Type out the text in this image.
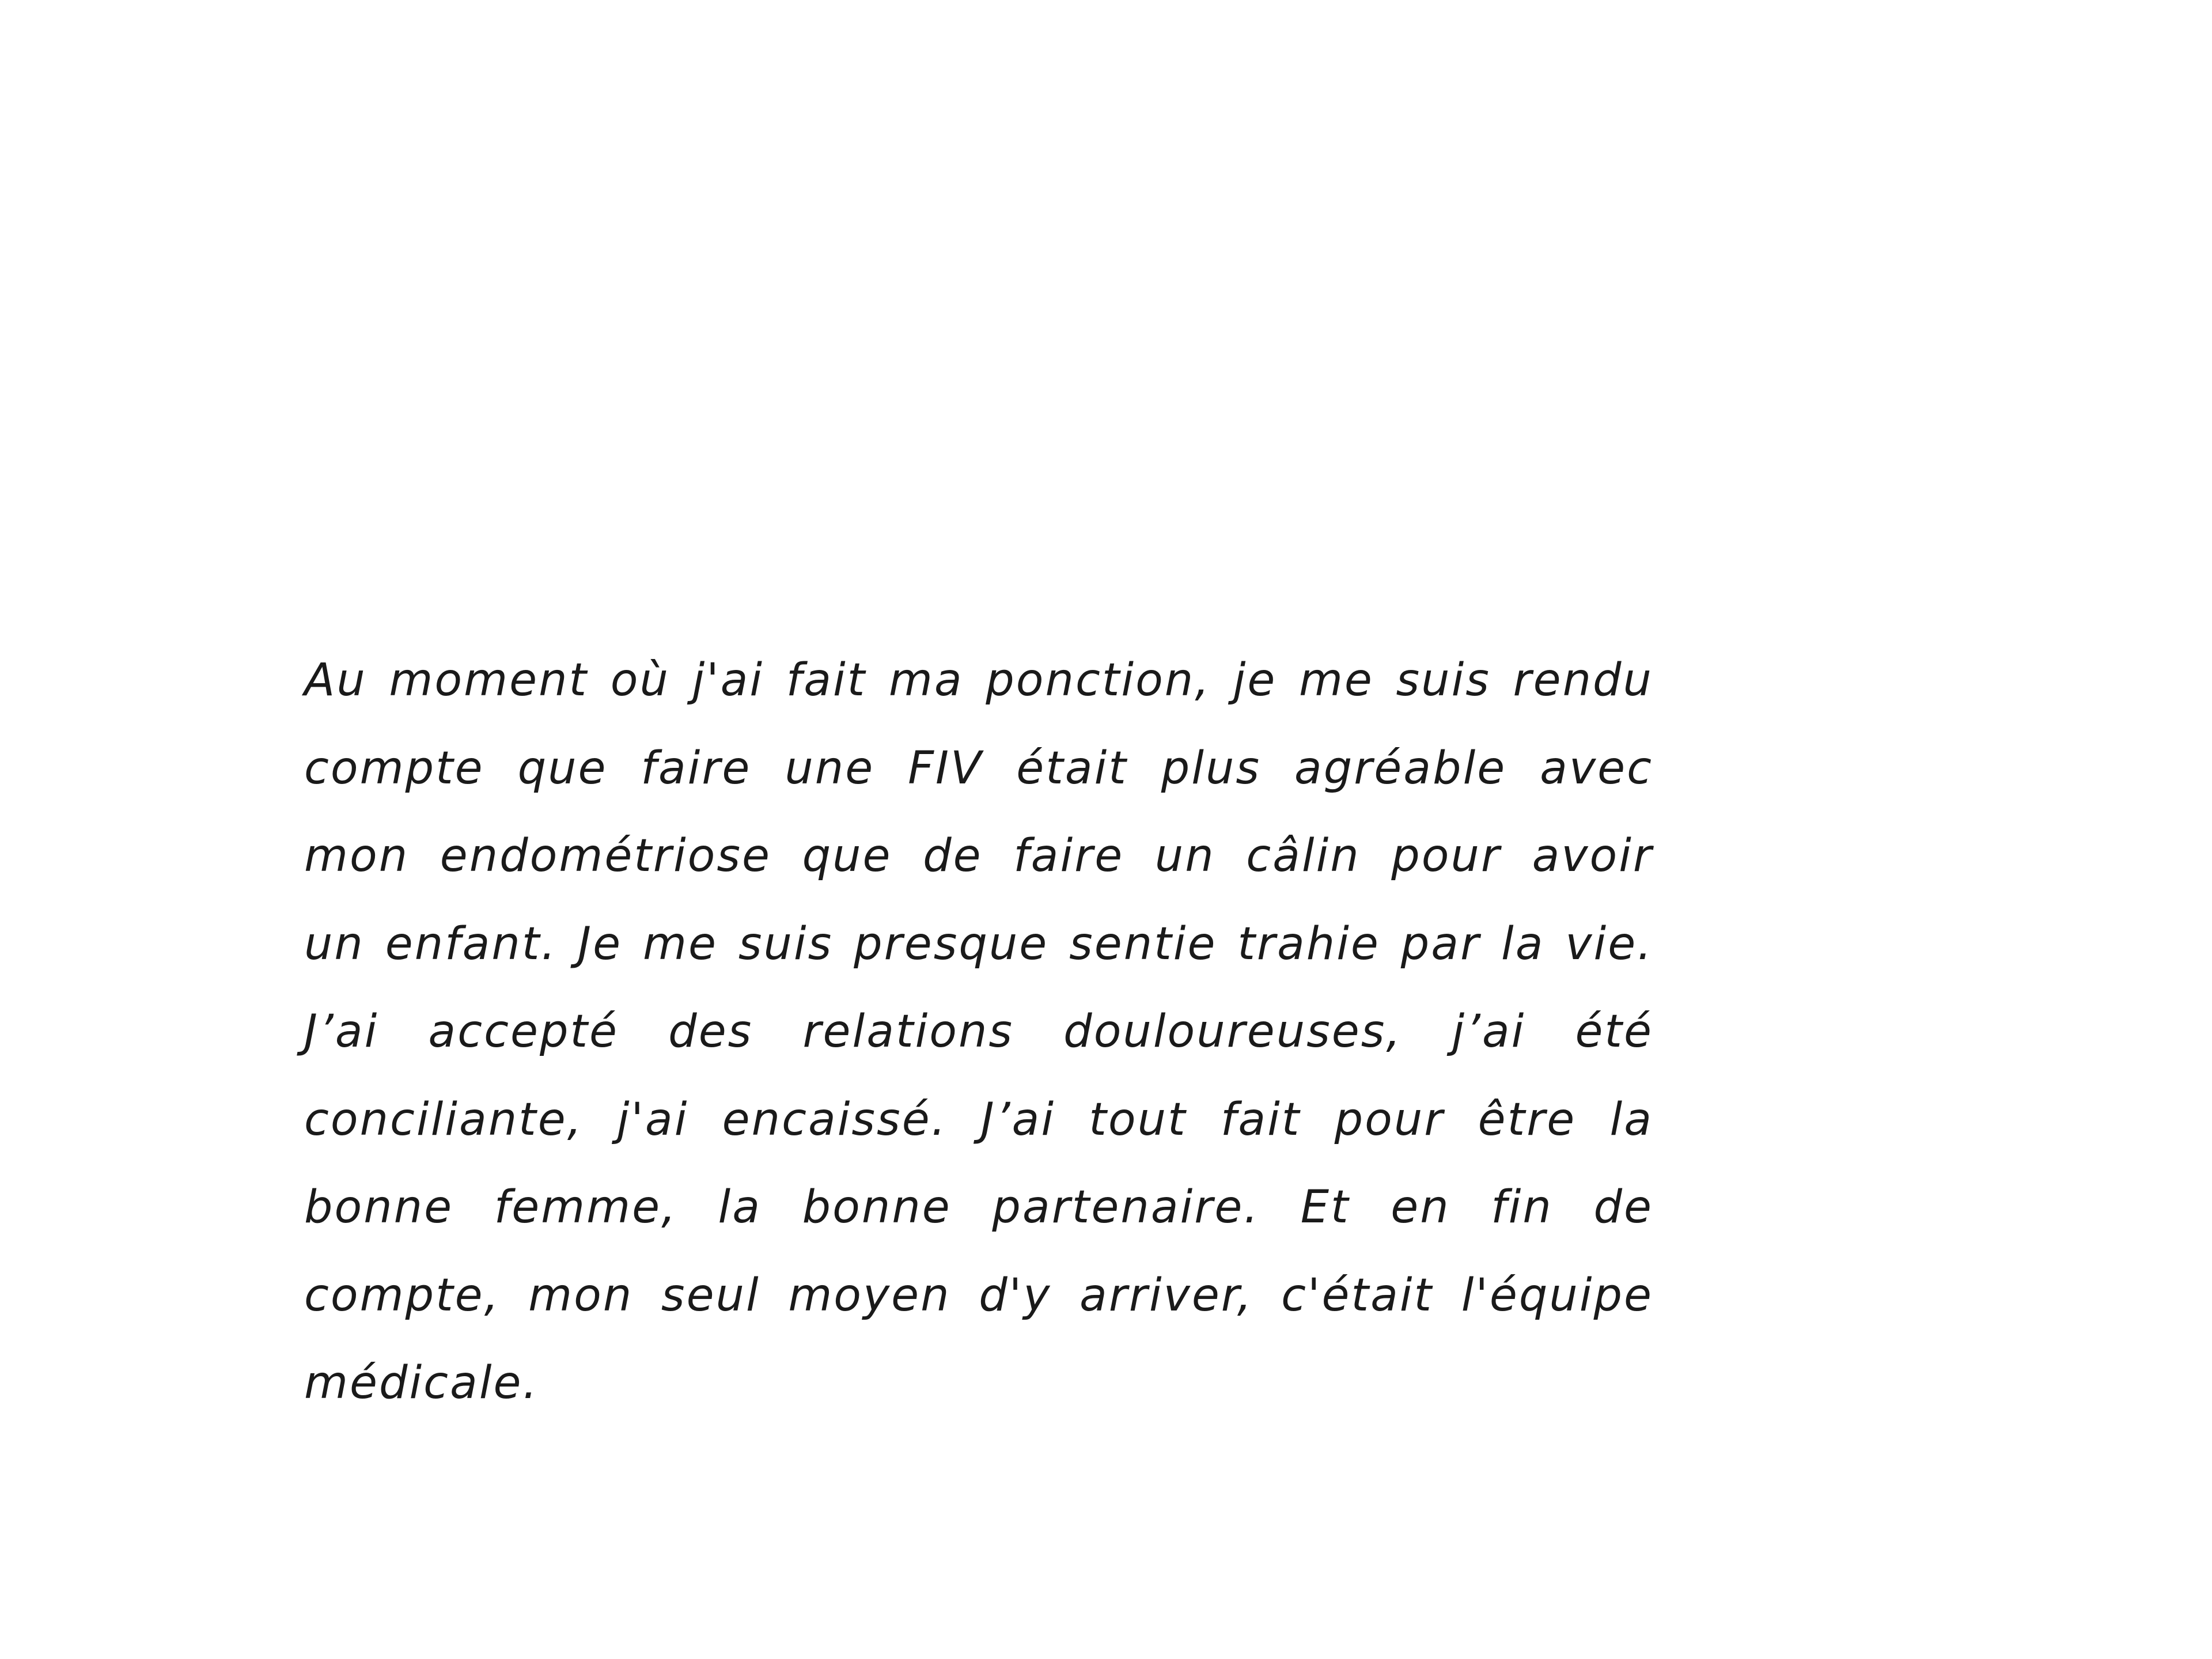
Au moment où j'ai fait ma ponction, je me suis rendu
compte que faire une FIV était plus agréable avec
mon endométriose que de faire un câlin pour avoir
un enfant. Je me suis presque sentie trahie par la vie.
J’ai accepté des relations douloureuses, j’ai été
conciliante, j'ai encaissé. J’ai tout fait pour être la
bonne femme, la bonne partenaire. Et en fin de
compte, mon seul moyen d'y arriver, c'était l'équipe
médicale.
